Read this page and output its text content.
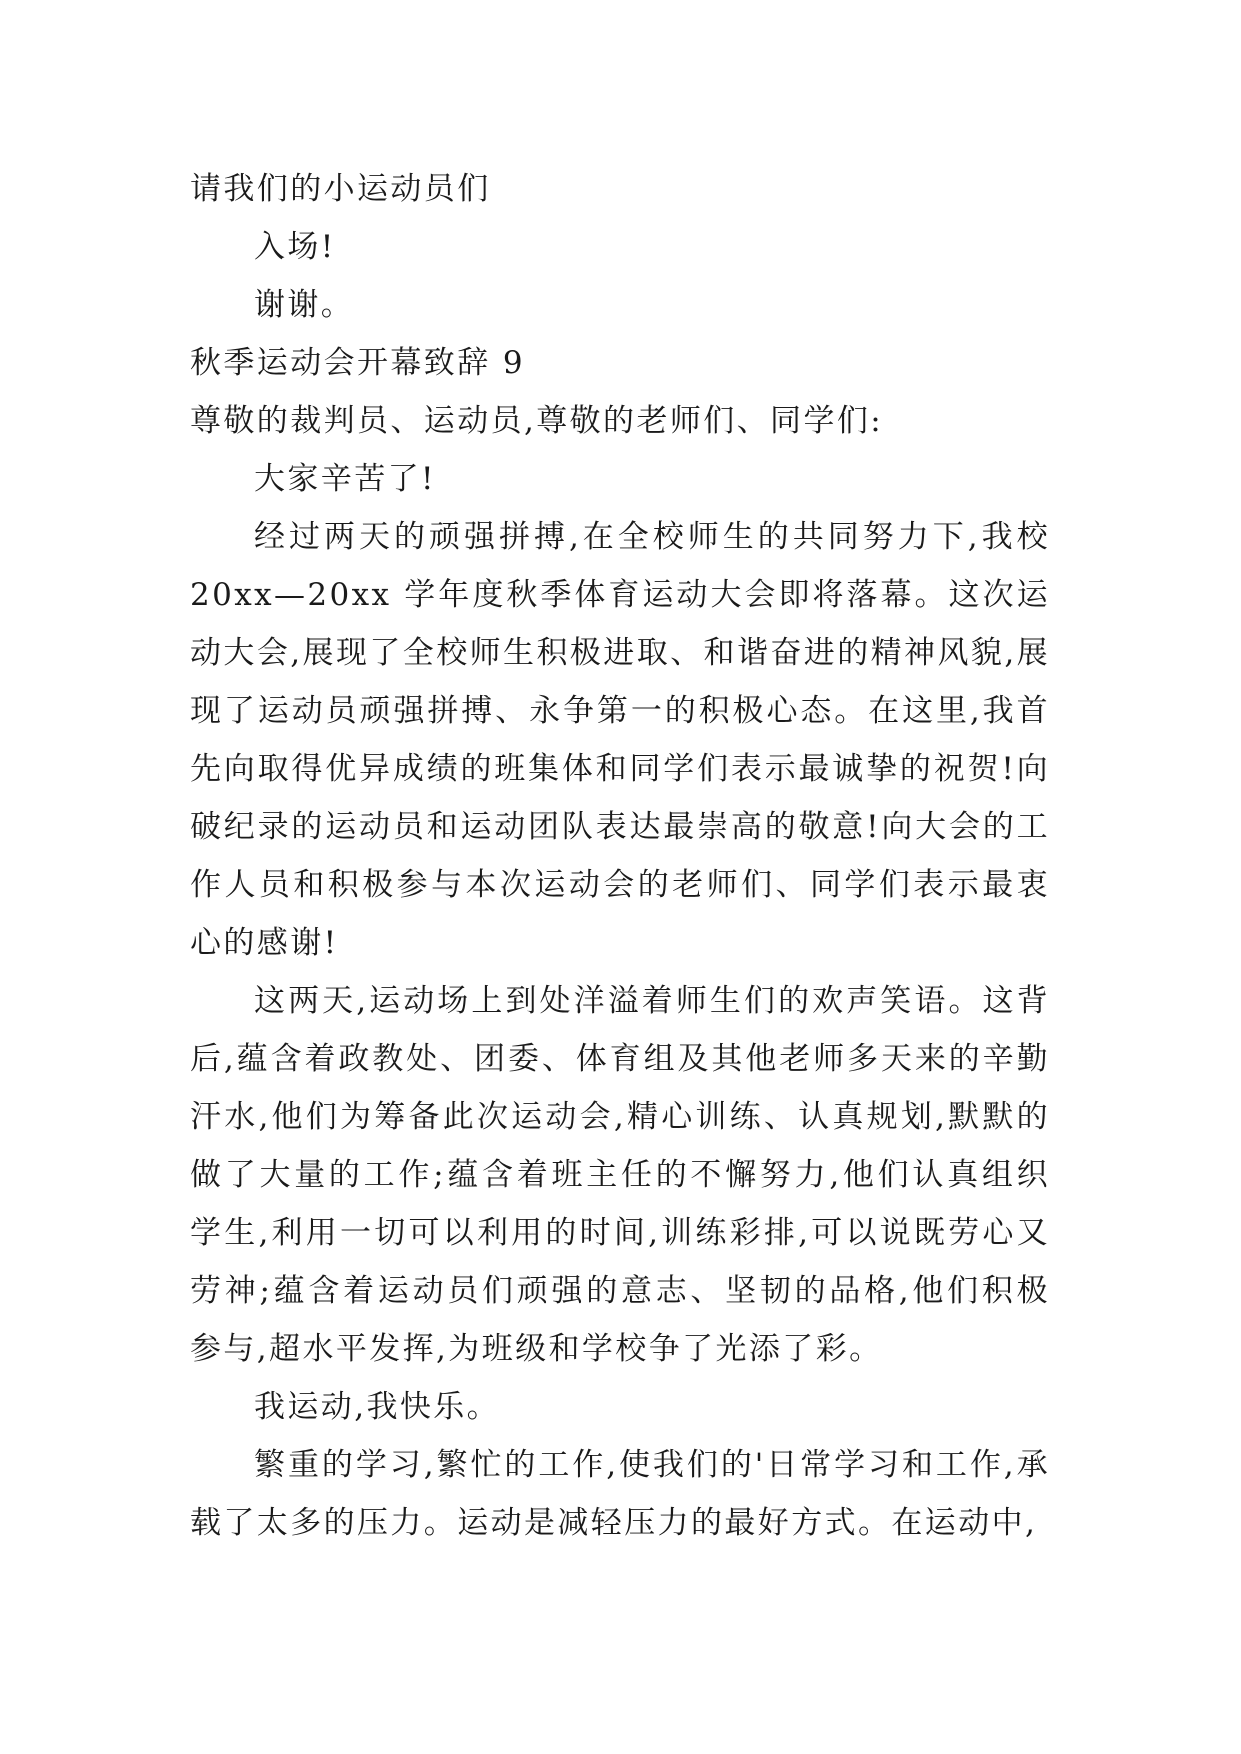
请我们的小运动员们

入场!

谢谢。

秋季运动会开幕致辞 9

尊敬的裁判员、运动员,尊敬的老师们、同学们:

大家辛苦了!

经过两天的顽强拼搏,在全校师生的共同努力下,我校 20xx—20xx 学年度秋季体育运动大会即将落幕。这次运动大会,展现了全校师生积极进取、和谐奋进的精神风貌,展现了运动员顽强拼搏、永争第一的积极心态。在这里,我首先向取得优异成绩的班集体和同学们表示最诚挚的祝贺!向破纪录的运动员和运动团队表达最崇高的敬意!向大会的工作人员和积极参与本次运动会的老师们、同学们表示最衷心的感谢!

这两天,运动场上到处洋溢着师生们的欢声笑语。这背后,蕴含着政教处、团委、体育组及其他老师多天来的辛勤汗水,他们为筹备此次运动会,精心训练、认真规划,默默的做了大量的工作;蕴含着班主任的不懈努力,他们认真组织学生,利用一切可以利用的时间,训练彩排,可以说既劳心又劳神;蕴含着运动员们顽强的意志、坚韧的品格,他们积极参与,超水平发挥,为班级和学校争了光添了彩。

我运动,我快乐。

繁重的学习,繁忙的工作,使我们的'日常学习和工作,承载了太多的压力。运动是减轻压力的最好方式。在运动中,
